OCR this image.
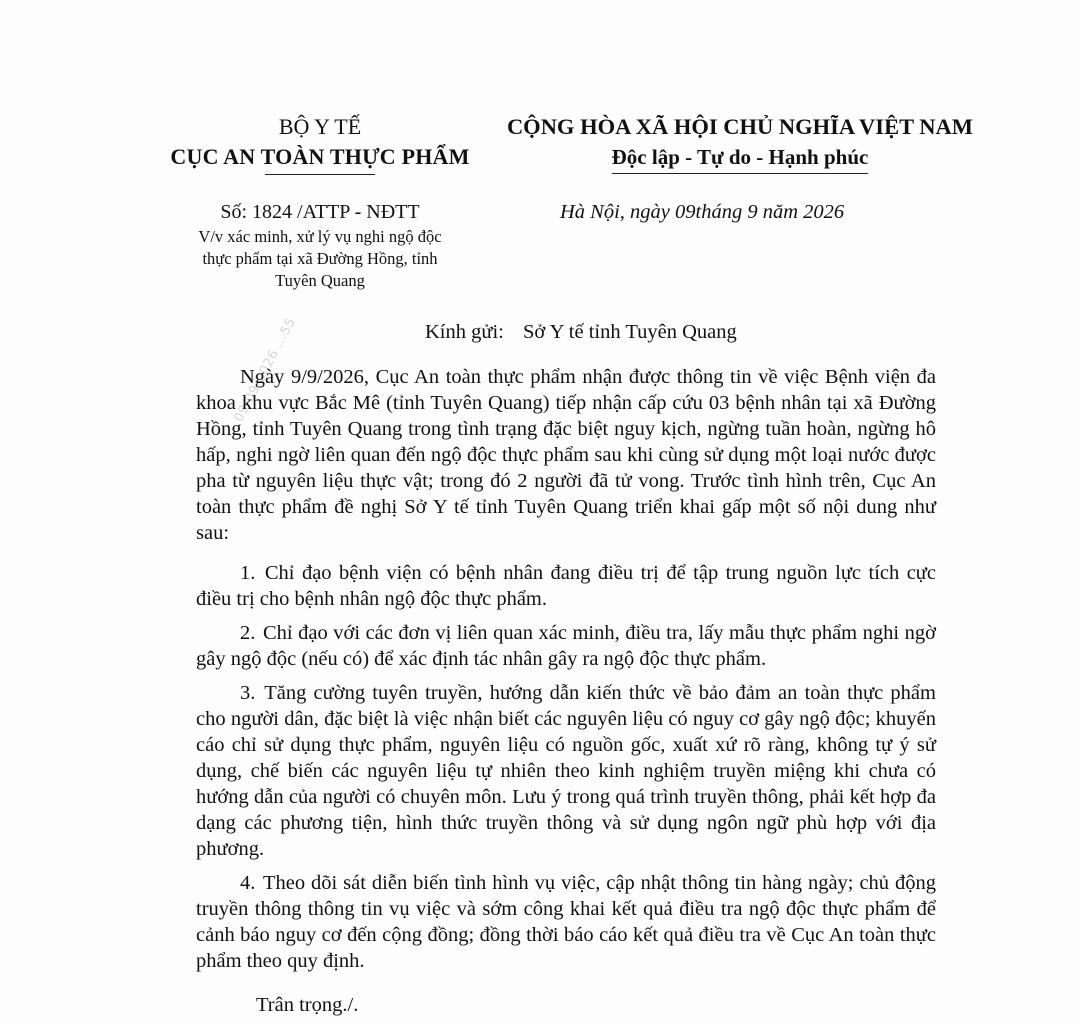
BỘ Y TẾ
CỤC AN TOÀN THỰC PHẨM
CỘNG HÒA XÃ HỘI CHỦ NGHĨA VIỆT NAM
Độc lập - Tự do - Hạnh phúc
Số: 1824 /ATTP - NĐTT
V/v xác minh, xử lý vụ nghi ngộ độc
thực phẩm tại xã Đường Hồng, tỉnh
Tuyên Quang
Hà Nội, ngày 09tháng 9 năm 2026
...09/09/2026 ...55	Kính gửi: Sở Y tế tỉnh Tuyên Quang

Ngày 9/9/2026, Cục An toàn thực phẩm nhận được thông tin về việc Bệnh viện đa khoa khu vực Bắc Mê (tỉnh Tuyên Quang) tiếp nhận cấp cứu 03 bệnh nhân tại xã Đường Hồng, tỉnh Tuyên Quang trong tình trạng đặc biệt nguy kịch, ngừng tuần hoàn, ngừng hô hấp, nghi ngờ liên quan đến ngộ độc thực phẩm sau khi cùng sử dụng một loại nước được pha từ nguyên liệu thực vật; trong đó 2 người đã tử vong. Trước tình hình trên, Cục An toàn thực phẩm đề nghị Sở Y tế tỉnh Tuyên Quang triển khai gấp một số nội dung như sau:

1. Chỉ đạo bệnh viện có bệnh nhân đang điều trị để tập trung nguồn lực tích cực điều trị cho bệnh nhân ngộ độc thực phẩm.
2. Chỉ đạo với các đơn vị liên quan xác minh, điều tra, lấy mẫu thực phẩm nghi ngờ gây ngộ độc (nếu có) để xác định tác nhân gây ra ngộ độc thực phẩm.
3. Tăng cường tuyên truyền, hướng dẫn kiến thức về bảo đảm an toàn thực phẩm cho người dân, đặc biệt là việc nhận biết các nguyên liệu có nguy cơ gây ngộ độc; khuyến cáo chỉ sử dụng thực phẩm, nguyên liệu có nguồn gốc, xuất xứ rõ ràng, không tự ý sử dụng, chế biến các nguyên liệu tự nhiên theo kinh nghiệm truyền miệng khi chưa có hướng dẫn của người có chuyên môn. Lưu ý trong quá trình truyền thông, phải kết hợp đa dạng các phương tiện, hình thức truyền thông và sử dụng ngôn ngữ phù hợp với địa phương.
4. Theo dõi sát diễn biến tình hình vụ việc, cập nhật thông tin hàng ngày; chủ động truyền thông thông tin vụ việc và sớm công khai kết quả điều tra ngộ độc thực phẩm để cảnh báo nguy cơ đến cộng đồng; đồng thời báo cáo kết quả điều tra về Cục An toàn thực phẩm theo quy định.
Trân trọng./.
